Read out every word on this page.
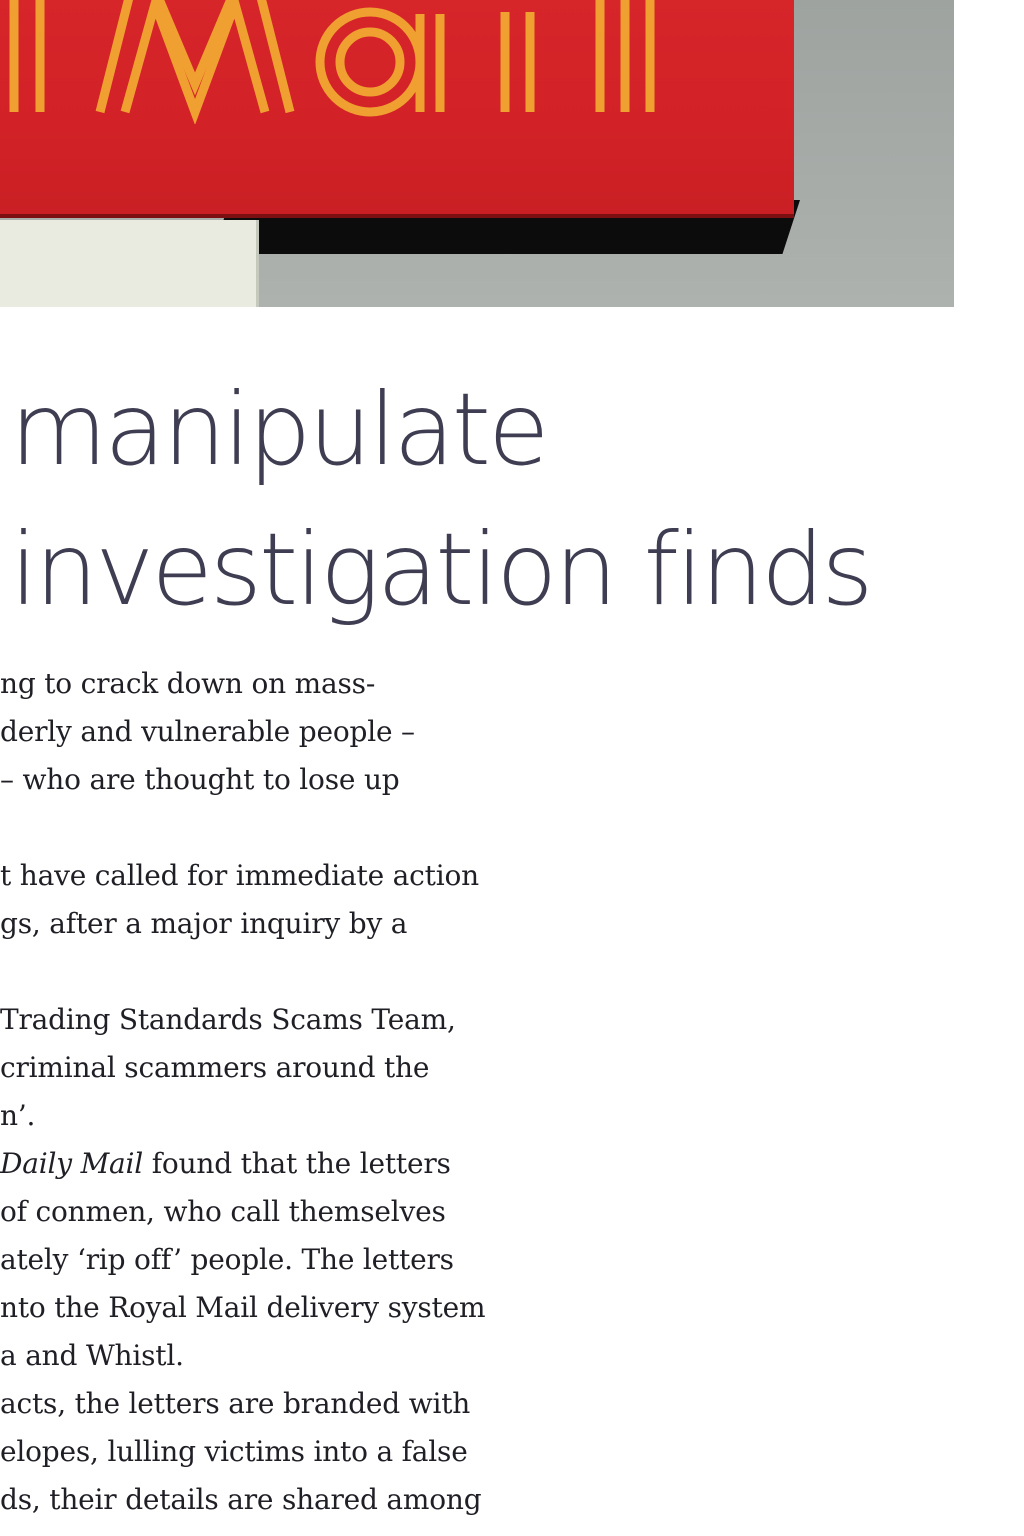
manipulate
investigation finds
ng to crack down on mass-
derly and vulnerable people –
– who are thought to lose up
t have called for immediate action
gs, after a major inquiry by a
Trading Standards Scams Team,
criminal scammers around the
n’.
Daily Mail found that the letters
of conmen, who call themselves
ately ‘rip off’ people. The letters
nto the Royal Mail delivery system
a and Whistl.
acts, the letters are branded with
elopes, lulling victims into a false
ds, their details are shared among
